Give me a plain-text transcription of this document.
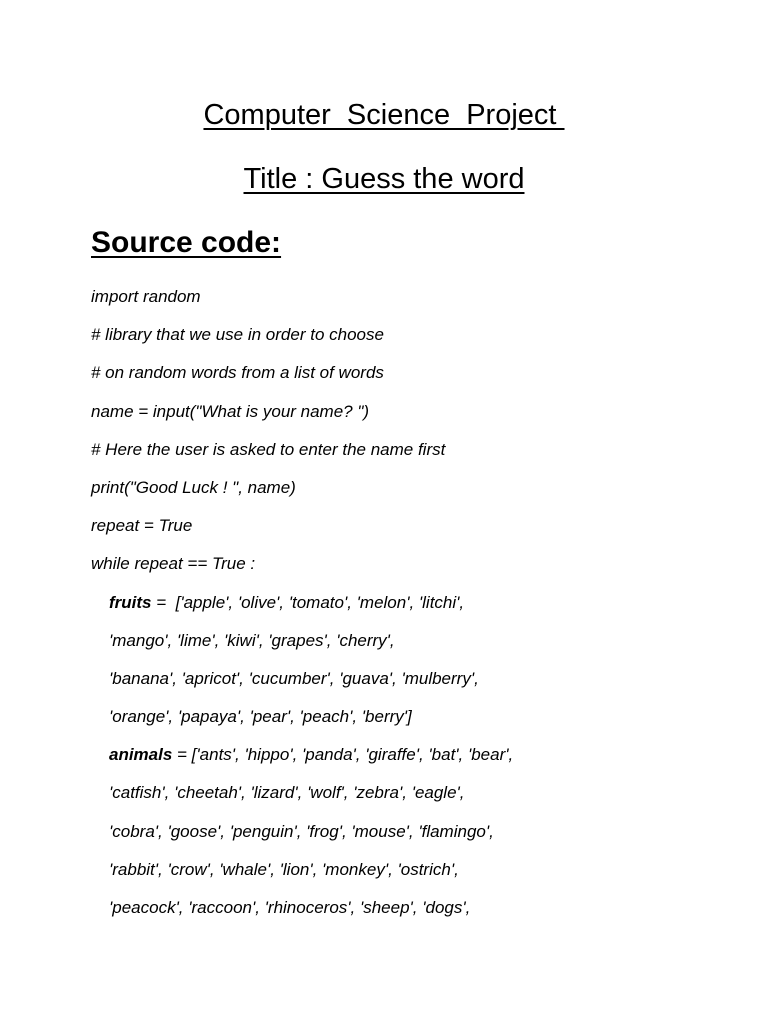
Computer  Science  Project
Title : Guess the word
Source code:
import random
# library that we use in order to choose
# on random words from a list of words
name = input("What is your name? ")
# Here the user is asked to enter the name first
print("Good Luck ! ", name)
repeat = True
while repeat == True :
fruits =  ['apple', 'olive', 'tomato', 'melon', 'litchi',
'mango', 'lime', 'kiwi', 'grapes', 'cherry',
'banana', 'apricot', 'cucumber', 'guava', 'mulberry',
'orange', 'papaya', 'pear', 'peach', 'berry']
animals = ['ants', 'hippo', 'panda', 'giraffe', 'bat', 'bear',
'catfish', 'cheetah', 'lizard', 'wolf', 'zebra', 'eagle',
'cobra', 'goose', 'penguin', 'frog', 'mouse', 'flamingo',
'rabbit', 'crow', 'whale', 'lion', 'monkey', 'ostrich',
'peacock', 'raccoon', 'rhinoceros', 'sheep', 'dogs',
